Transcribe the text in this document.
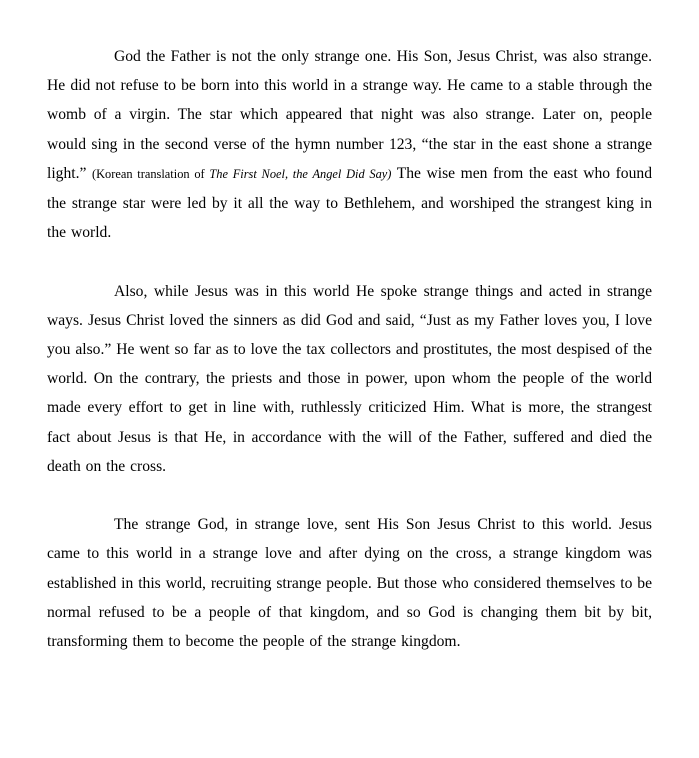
God the Father is not the only strange one. His Son, Jesus Christ, was also strange. He did not refuse to be born into this world in a strange way. He came to a stable through the womb of a virgin. The star which appeared that night was also strange. Later on, people would sing in the second verse of the hymn number 123, “the star in the east shone a strange light.” (Korean translation of The First Noel, the Angel Did Say) The wise men from the east who found the strange star were led by it all the way to Bethlehem, and worshiped the strangest king in the world.

Also, while Jesus was in this world He spoke strange things and acted in strange ways. Jesus Christ loved the sinners as did God and said, “Just as my Father loves you, I love you also.” He went so far as to love the tax collectors and prostitutes, the most despised of the world. On the contrary, the priests and those in power, upon whom the people of the world made every effort to get in line with, ruthlessly criticized Him. What is more, the strangest fact about Jesus is that He, in accordance with the will of the Father, suffered and died the death on the cross.

The strange God, in strange love, sent His Son Jesus Christ to this world. Jesus came to this world in a strange love and after dying on the cross, a strange kingdom was established in this world, recruiting strange people. But those who considered themselves to be normal refused to be a people of that kingdom, and so God is changing them bit by bit, transforming them to become the people of the strange kingdom.
